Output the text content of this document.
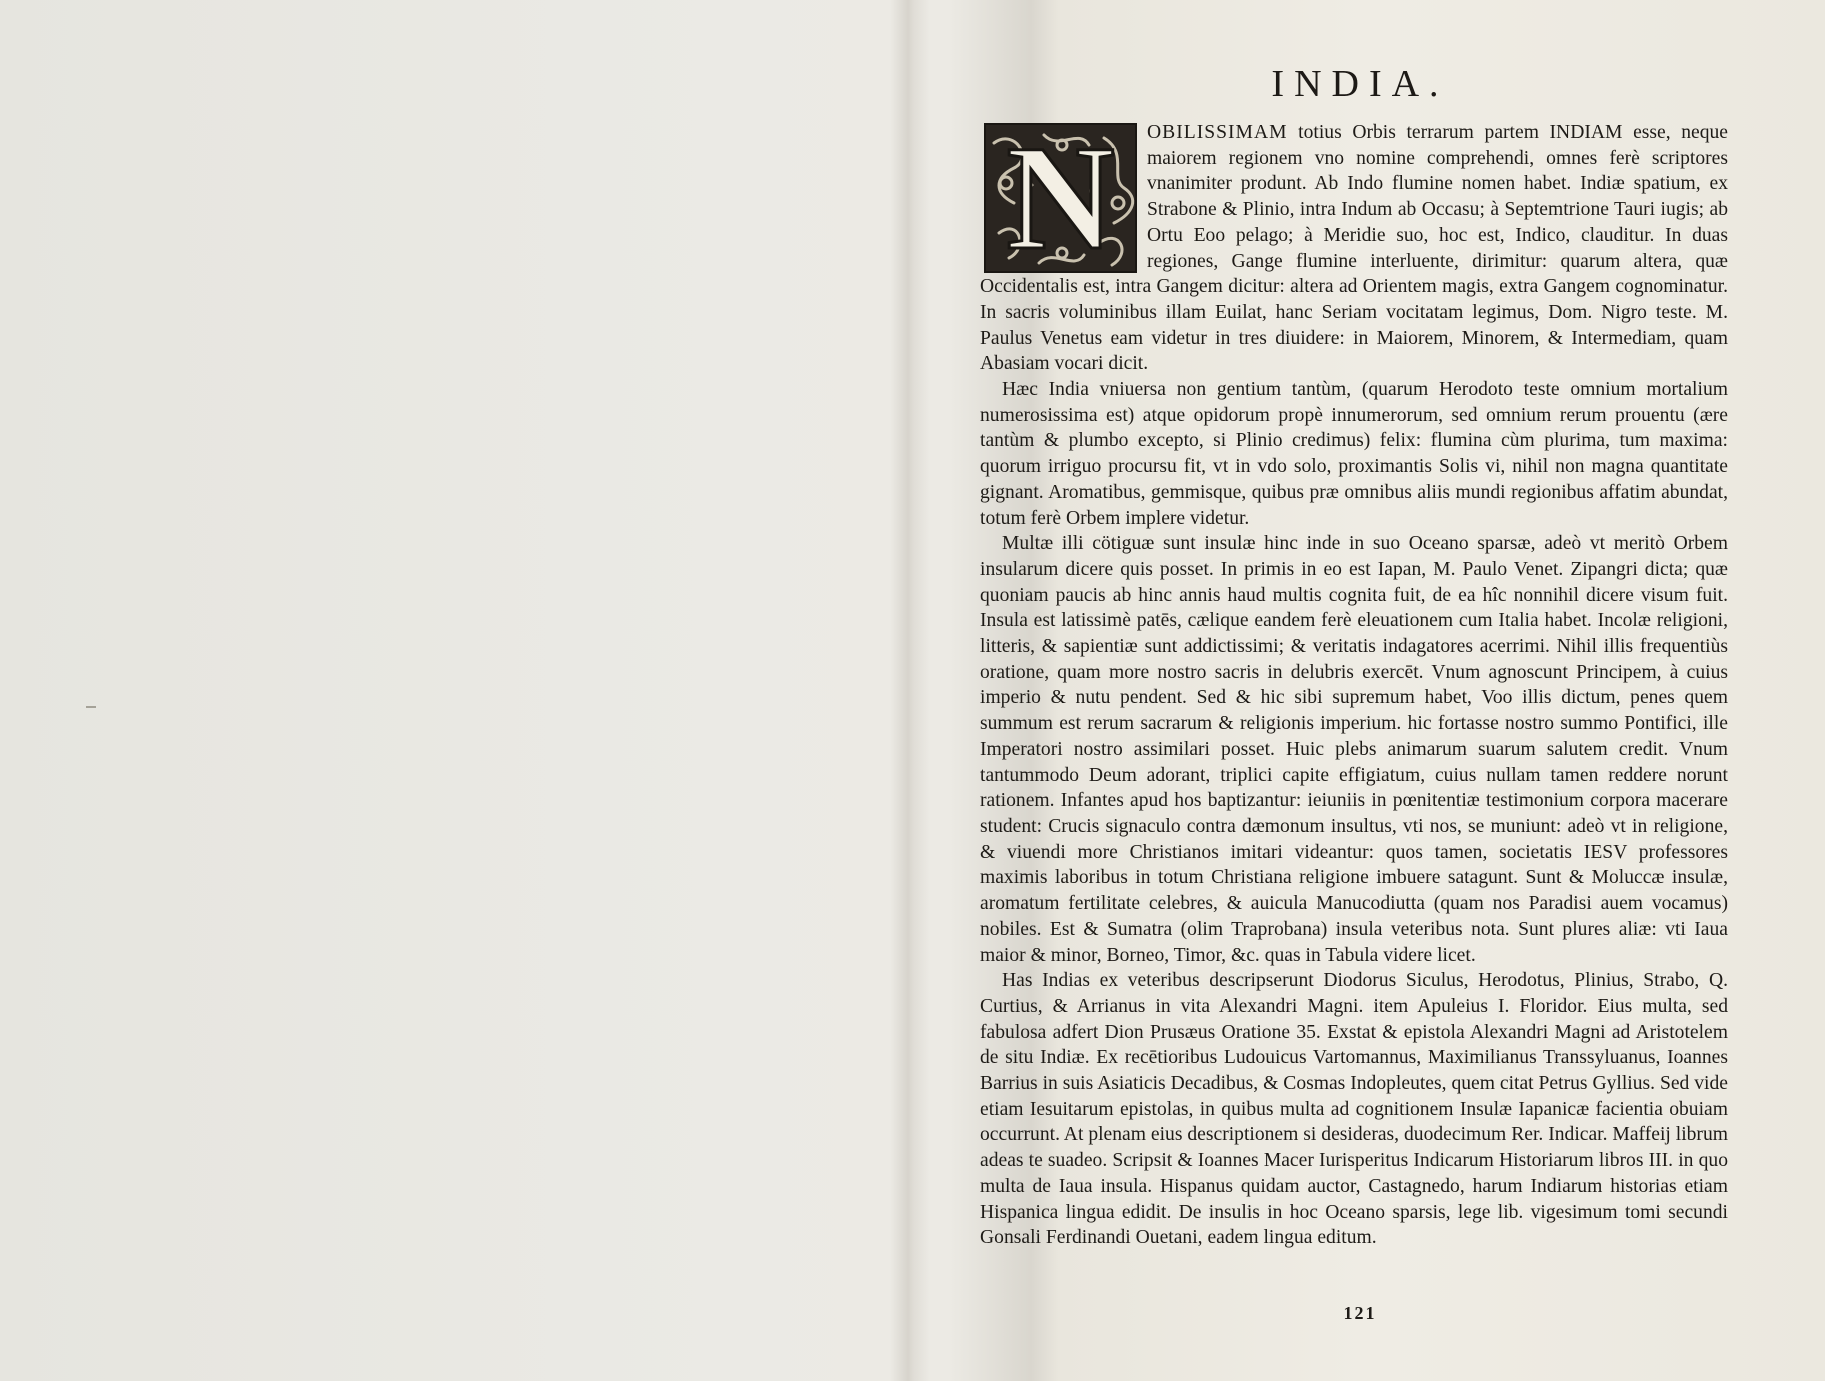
INDIA.

N	OBILISSIMAM totius Orbis terrarum partem INDIAM esse, neque maiorem regionem vno nomine comprehendi, omnes ferè scriptores vnanimiter produnt. Ab Indo flumine nomen habet. Indiæ spatium, ex Strabone & Plinio, intra Indum ab Occasu; à Septemtrione Tauri iugis; ab Ortu Eoo pelago; à Meridie suo, hoc est, Indico, clauditur. In duas regiones, Gange flumine interluente, dirimitur: quarum altera, quæ Occidentalis est, intra Gangem dicitur: altera ad Orientem magis, extra Gangem cognominatur. In sacris voluminibus illam Euilat, hanc Seriam vocitatam legimus, Dom. Nigro teste. M. Paulus Venetus eam videtur in tres diuidere: in Maiorem, Minorem, & Intermediam, quam Abasiam vocari dicit.

Hæc India vniuersa non gentium tantùm, (quarum Herodoto teste omnium mortalium numerosissima est) atque opidorum propè innumerorum, sed omnium rerum prouentu (ære tantùm & plumbo excepto, si Plinio credimus) felix: flumina cùm plurima, tum maxima: quorum irriguo procursu fit, vt in vdo solo, proximantis Solis vi, nihil non magna quantitate gignant. Aromatibus, gemmisque, quibus præ omnibus aliis mundi regionibus affatim abundat, totum ferè Orbem implere videtur.

Multæ illi cötiguæ sunt insulæ hinc inde in suo Oceano sparsæ, adeò vt meritò Orbem insularum dicere quis posset. In primis in eo est Iapan, M. Paulo Venet. Zipangri dicta; quæ quoniam paucis ab hinc annis haud multis cognita fuit, de ea hîc nonnihil dicere visum fuit. Insula est latissimè patēs, cælique eandem ferè eleuationem cum Italia habet. Incolæ religioni, litteris, & sapientiæ sunt addictissimi; & veritatis indagatores acerrimi. Nihil illis frequentiùs oratione, quam more nostro sacris in delubris exercēt. Vnum agnoscunt Principem, à cuius imperio & nutu pendent. Sed & hic sibi supremum habet, Voo illis dictum, penes quem summum est rerum sacrarum & religionis imperium. hic fortasse nostro summo Pontifici, ille Imperatori nostro assimilari posset. Huic plebs animarum suarum salutem credit. Vnum tantummodo Deum adorant, triplici capite effigiatum, cuius nullam tamen reddere norunt rationem. Infantes apud hos baptizantur: ieiuniis in pœnitentiæ testimonium corpora macerare student: Crucis signaculo contra dæmonum insultus, vti nos, se muniunt: adeò vt in religione, & viuendi more Christianos imitari videantur: quos tamen, societatis IESV professores maximis laboribus in totum Christiana religione imbuere satagunt. Sunt & Moluccæ insulæ, aromatum fertilitate celebres, & auicula Manucodiutta (quam nos Paradisi auem vocamus) nobiles. Est & Sumatra (olim Traprobana) insula veteribus nota. Sunt plures aliæ: vti Iaua maior & minor, Borneo, Timor, &c. quas in Tabula videre licet.

Has Indias ex veteribus descripserunt Diodorus Siculus, Herodotus, Plinius, Strabo, Q. Curtius, & Arrianus in vita Alexandri Magni. item Apuleius I. Floridor. Eius multa, sed fabulosa adfert Dion Prusæus Oratione 35. Exstat & epistola Alexandri Magni ad Aristotelem de situ Indiæ. Ex recētioribus Ludouicus Vartomannus, Maximilianus Transsyluanus, Ioannes Barrius in suis Asiaticis Decadibus, & Cosmas Indopleutes, quem citat Petrus Gyllius. Sed vide etiam Iesuitarum epistolas, in quibus multa ad cognitionem Insulæ Iapanicæ facientia obuiam occurrunt. At plenam eius descriptionem si desideras, duodecimum Rer. Indicar. Maffeij librum adeas te suadeo. Scripsit & Ioannes Macer Iurisperitus Indicarum Historiarum libros III. in quo multa de Iaua insula. Hispanus quidam auctor, Castagnedo, harum Indiarum historias etiam Hispanica lingua edidit. De insulis in hoc Oceano sparsis, lege lib. vigesimum tomi secundi Gonsali Ferdinandi Ouetani, eadem lingua editum.

121
